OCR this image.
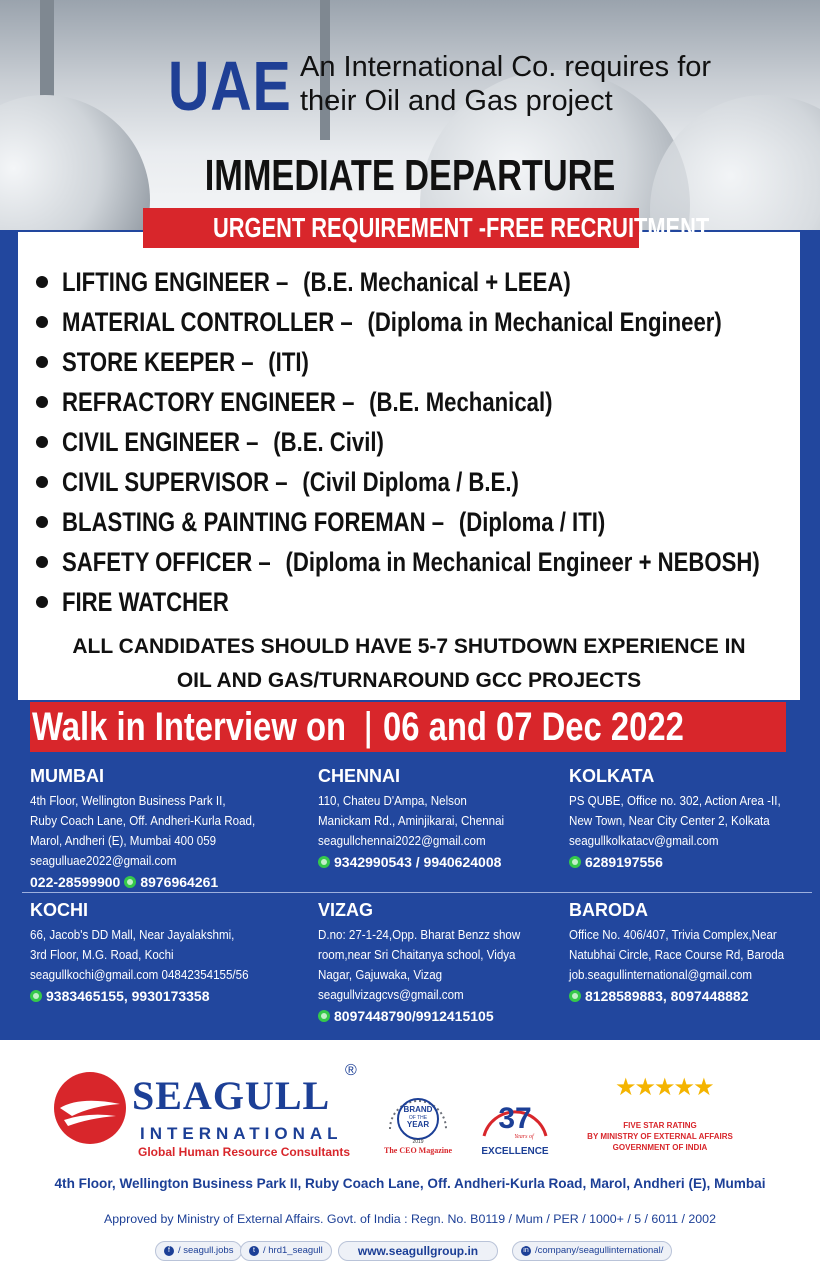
UAE An International Co. requires for their Oil and Gas project
IMMEDIATE DEPARTURE
URGENT REQUIREMENT -FREE RECRUITMENT
LIFTING ENGINEER – (B.E. Mechanical + LEEA)
MATERIAL CONTROLLER – (Diploma in Mechanical Engineer)
STORE KEEPER – (ITI)
REFRACTORY ENGINEER – (B.E. Mechanical)
CIVIL ENGINEER – (B.E. Civil)
CIVIL SUPERVISOR – (Civil Diploma / B.E.)
BLASTING & PAINTING FOREMAN – (Diploma / ITI)
SAFETY OFFICER – (Diploma in Mechanical Engineer + NEBOSH)
FIRE WATCHER
ALL CANDIDATES SHOULD HAVE 5-7 SHUTDOWN EXPERIENCE IN
OIL AND GAS/TURNAROUND GCC PROJECTS
Walk in Interview on | 06 and 07 Dec 2022
MUMBAI
4th Floor, Wellington Business Park II,
Ruby Coach Lane, Off. Andheri-Kurla Road,
Marol, Andheri (E), Mumbai 400 059
seagulluae2022@gmail.com
022-28599900 8976964261
CHENNAI
110, Chateu D'Ampa, Nelson
Manickam Rd., Aminjikarai, Chennai
seagullchennai2022@gmail.com
9342990543 / 9940624008
KOLKATA
PS QUBE, Office no. 302, Action Area -II,
New Town, Near City Center 2, Kolkata
seagullkolkatacv@gmail.com
6289197556
KOCHI
66, Jacob's DD Mall, Near Jayalakshmi,
3rd Floor, M.G. Road, Kochi
seagullkochi@gmail.com 04842354155/56
9383465155, 9930173358
VIZAG
D.no: 27-1-24,Opp. Bharat Benzz show
room,near Sri Chaitanya school, Vidya
Nagar, Gajuwaka, Vizag
seagullvizagcvs@gmail.com
8097448790/9912415105
BARODA
Office No. 406/407, Trivia Complex,Near
Natubhai Circle, Race Course Rd, Baroda
job.seagullinternational@gmail.com
8128589883, 8097448882
SEAGULL
®
INTERNATIONAL
Global Human Resource Consultants
BRAND
OF THE
YEAR
2019
The CEO Magazine
37
Years of
EXCELLENCE
★★★★★
FIVE STAR RATING
BY MINISTRY OF EXTERNAL AFFAIRS
GOVERNMENT OF INDIA
4th Floor, Wellington Business Park II, Ruby Coach Lane, Off. Andheri-Kurla Road, Marol, Andheri (E), Mumbai
Approved by Ministry of External Affairs. Govt. of India : Regn. No. B0119 / Mum / PER / 1000+ / 5 / 6011 / 2002
f / seagull.jobs	t / hrd1_seagull	www.seagullgroup.in	in /company/seagullinternational/
